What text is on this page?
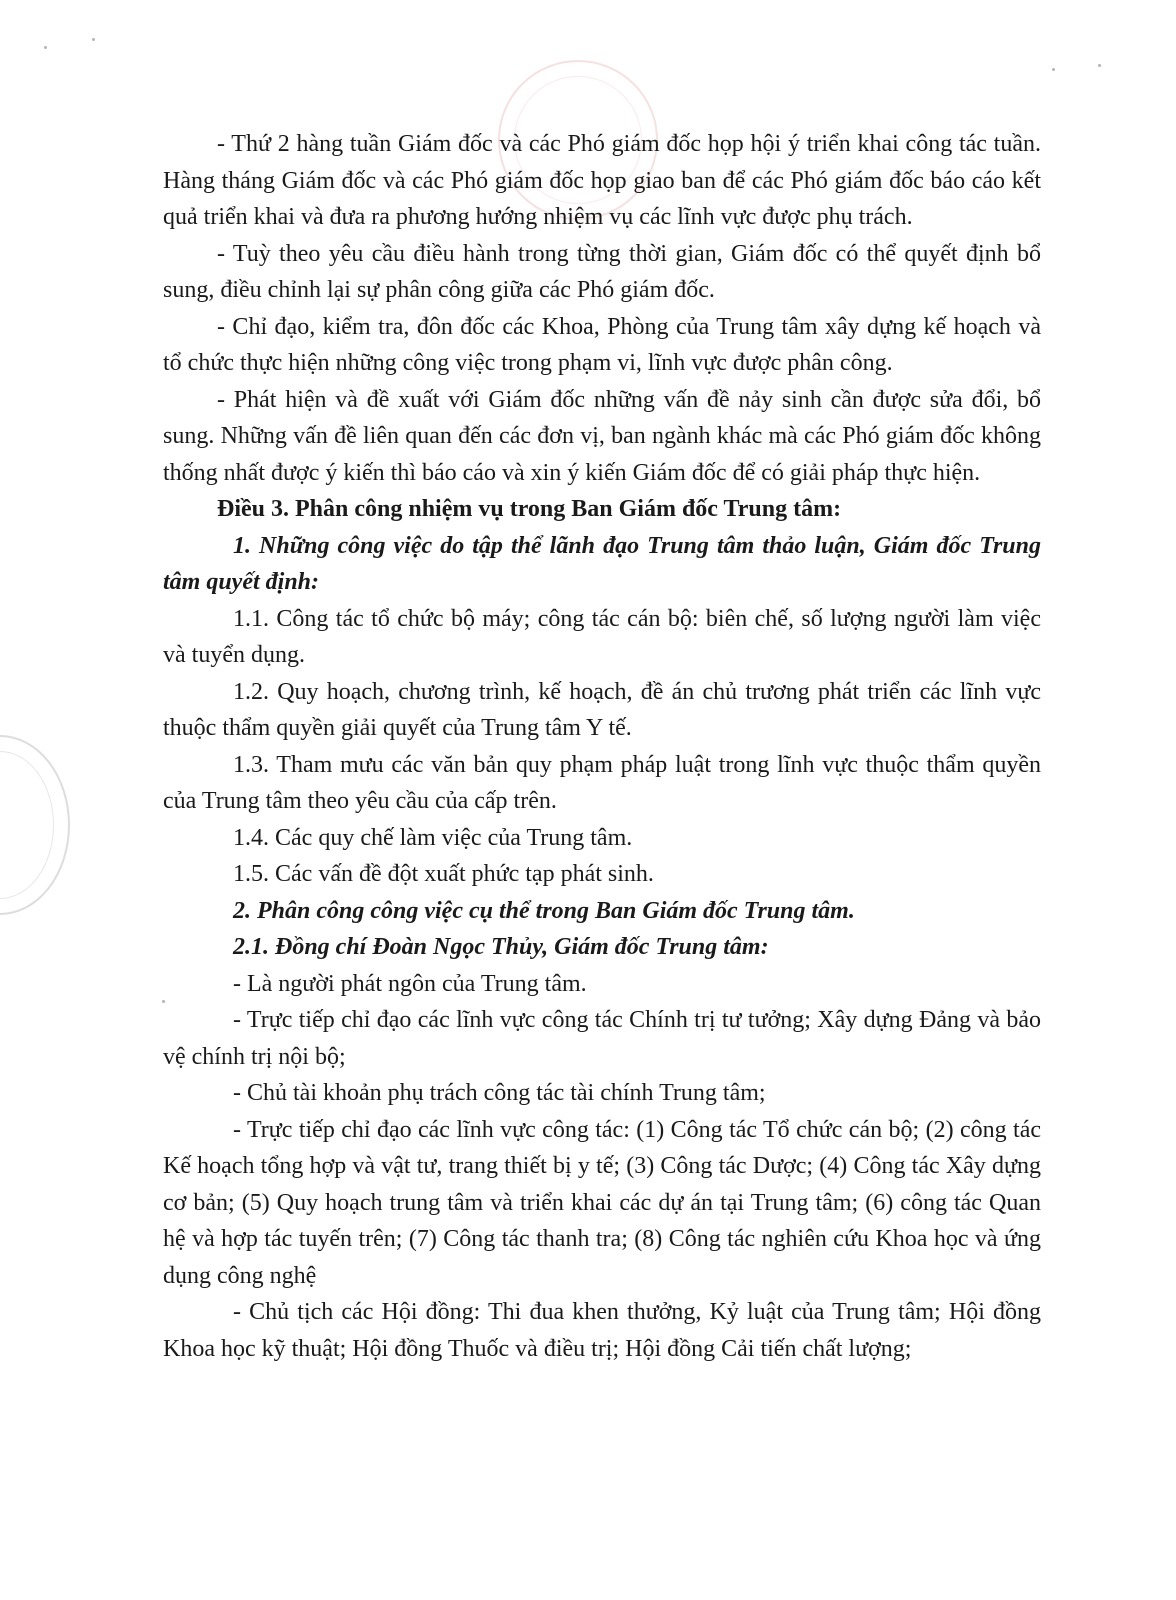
- Thứ 2 hàng tuần Giám đốc và các Phó giám đốc họp hội ý triển khai công tác tuần. Hàng tháng Giám đốc và các Phó giám đốc họp giao ban để các Phó giám đốc báo cáo kết quả triển khai và đưa ra phương hướng nhiệm vụ các lĩnh vực được phụ trách.

- Tuỳ theo yêu cầu điều hành trong từng thời gian, Giám đốc có thể quyết định bổ sung, điều chỉnh lại sự phân công giữa các Phó giám đốc.

- Chỉ đạo, kiểm tra, đôn đốc các Khoa, Phòng của Trung tâm xây dựng kế hoạch và tổ chức thực hiện những công việc trong phạm vi, lĩnh vực được phân công.

- Phát hiện và đề xuất với Giám đốc những vấn đề nảy sinh cần được sửa đổi, bổ sung. Những vấn đề liên quan đến các đơn vị, ban ngành khác mà các Phó giám đốc không thống nhất được ý kiến thì báo cáo và xin ý kiến Giám đốc để có giải pháp thực hiện.

Điều 3. Phân công nhiệm vụ trong Ban Giám đốc Trung tâm:

1. Những công việc do tập thể lãnh đạo Trung tâm thảo luận, Giám đốc Trung tâm quyết định:

1.1. Công tác tổ chức bộ máy; công tác cán bộ: biên chế, số lượng người làm việc và tuyển dụng.

1.2. Quy hoạch, chương trình, kế hoạch, đề án chủ trương phát triển các lĩnh vực thuộc thẩm quyền giải quyết của Trung tâm Y tế.

1.3. Tham mưu các văn bản quy phạm pháp luật trong lĩnh vực thuộc thẩm quyền của Trung tâm theo yêu cầu của cấp trên.

1.4. Các quy chế làm việc của Trung tâm.

1.5. Các vấn đề đột xuất phức tạp phát sinh.

2. Phân công công việc cụ thể trong Ban Giám đốc Trung tâm.

2.1. Đồng chí Đoàn Ngọc Thủy, Giám đốc Trung tâm:

- Là người phát ngôn của Trung tâm.

- Trực tiếp chỉ đạo các lĩnh vực công tác Chính trị tư tưởng; Xây dựng Đảng và bảo vệ chính trị nội bộ;

- Chủ tài khoản phụ trách công tác tài chính Trung tâm;

- Trực tiếp chỉ đạo các lĩnh vực công tác: (1) Công tác Tổ chức cán bộ; (2) công tác Kế hoạch tổng hợp và vật tư, trang thiết bị y tế; (3) Công tác Dược; (4) Công tác Xây dựng cơ bản; (5) Quy hoạch trung tâm và triển khai các dự án tại Trung tâm; (6) công tác Quan hệ và hợp tác tuyến trên; (7) Công tác thanh tra; (8) Công tác nghiên cứu Khoa học và ứng dụng công nghệ

- Chủ tịch các Hội đồng: Thi đua khen thưởng, Kỷ luật của Trung tâm; Hội đồng Khoa học kỹ thuật; Hội đồng Thuốc và điều trị; Hội đồng Cải tiến chất lượng;
